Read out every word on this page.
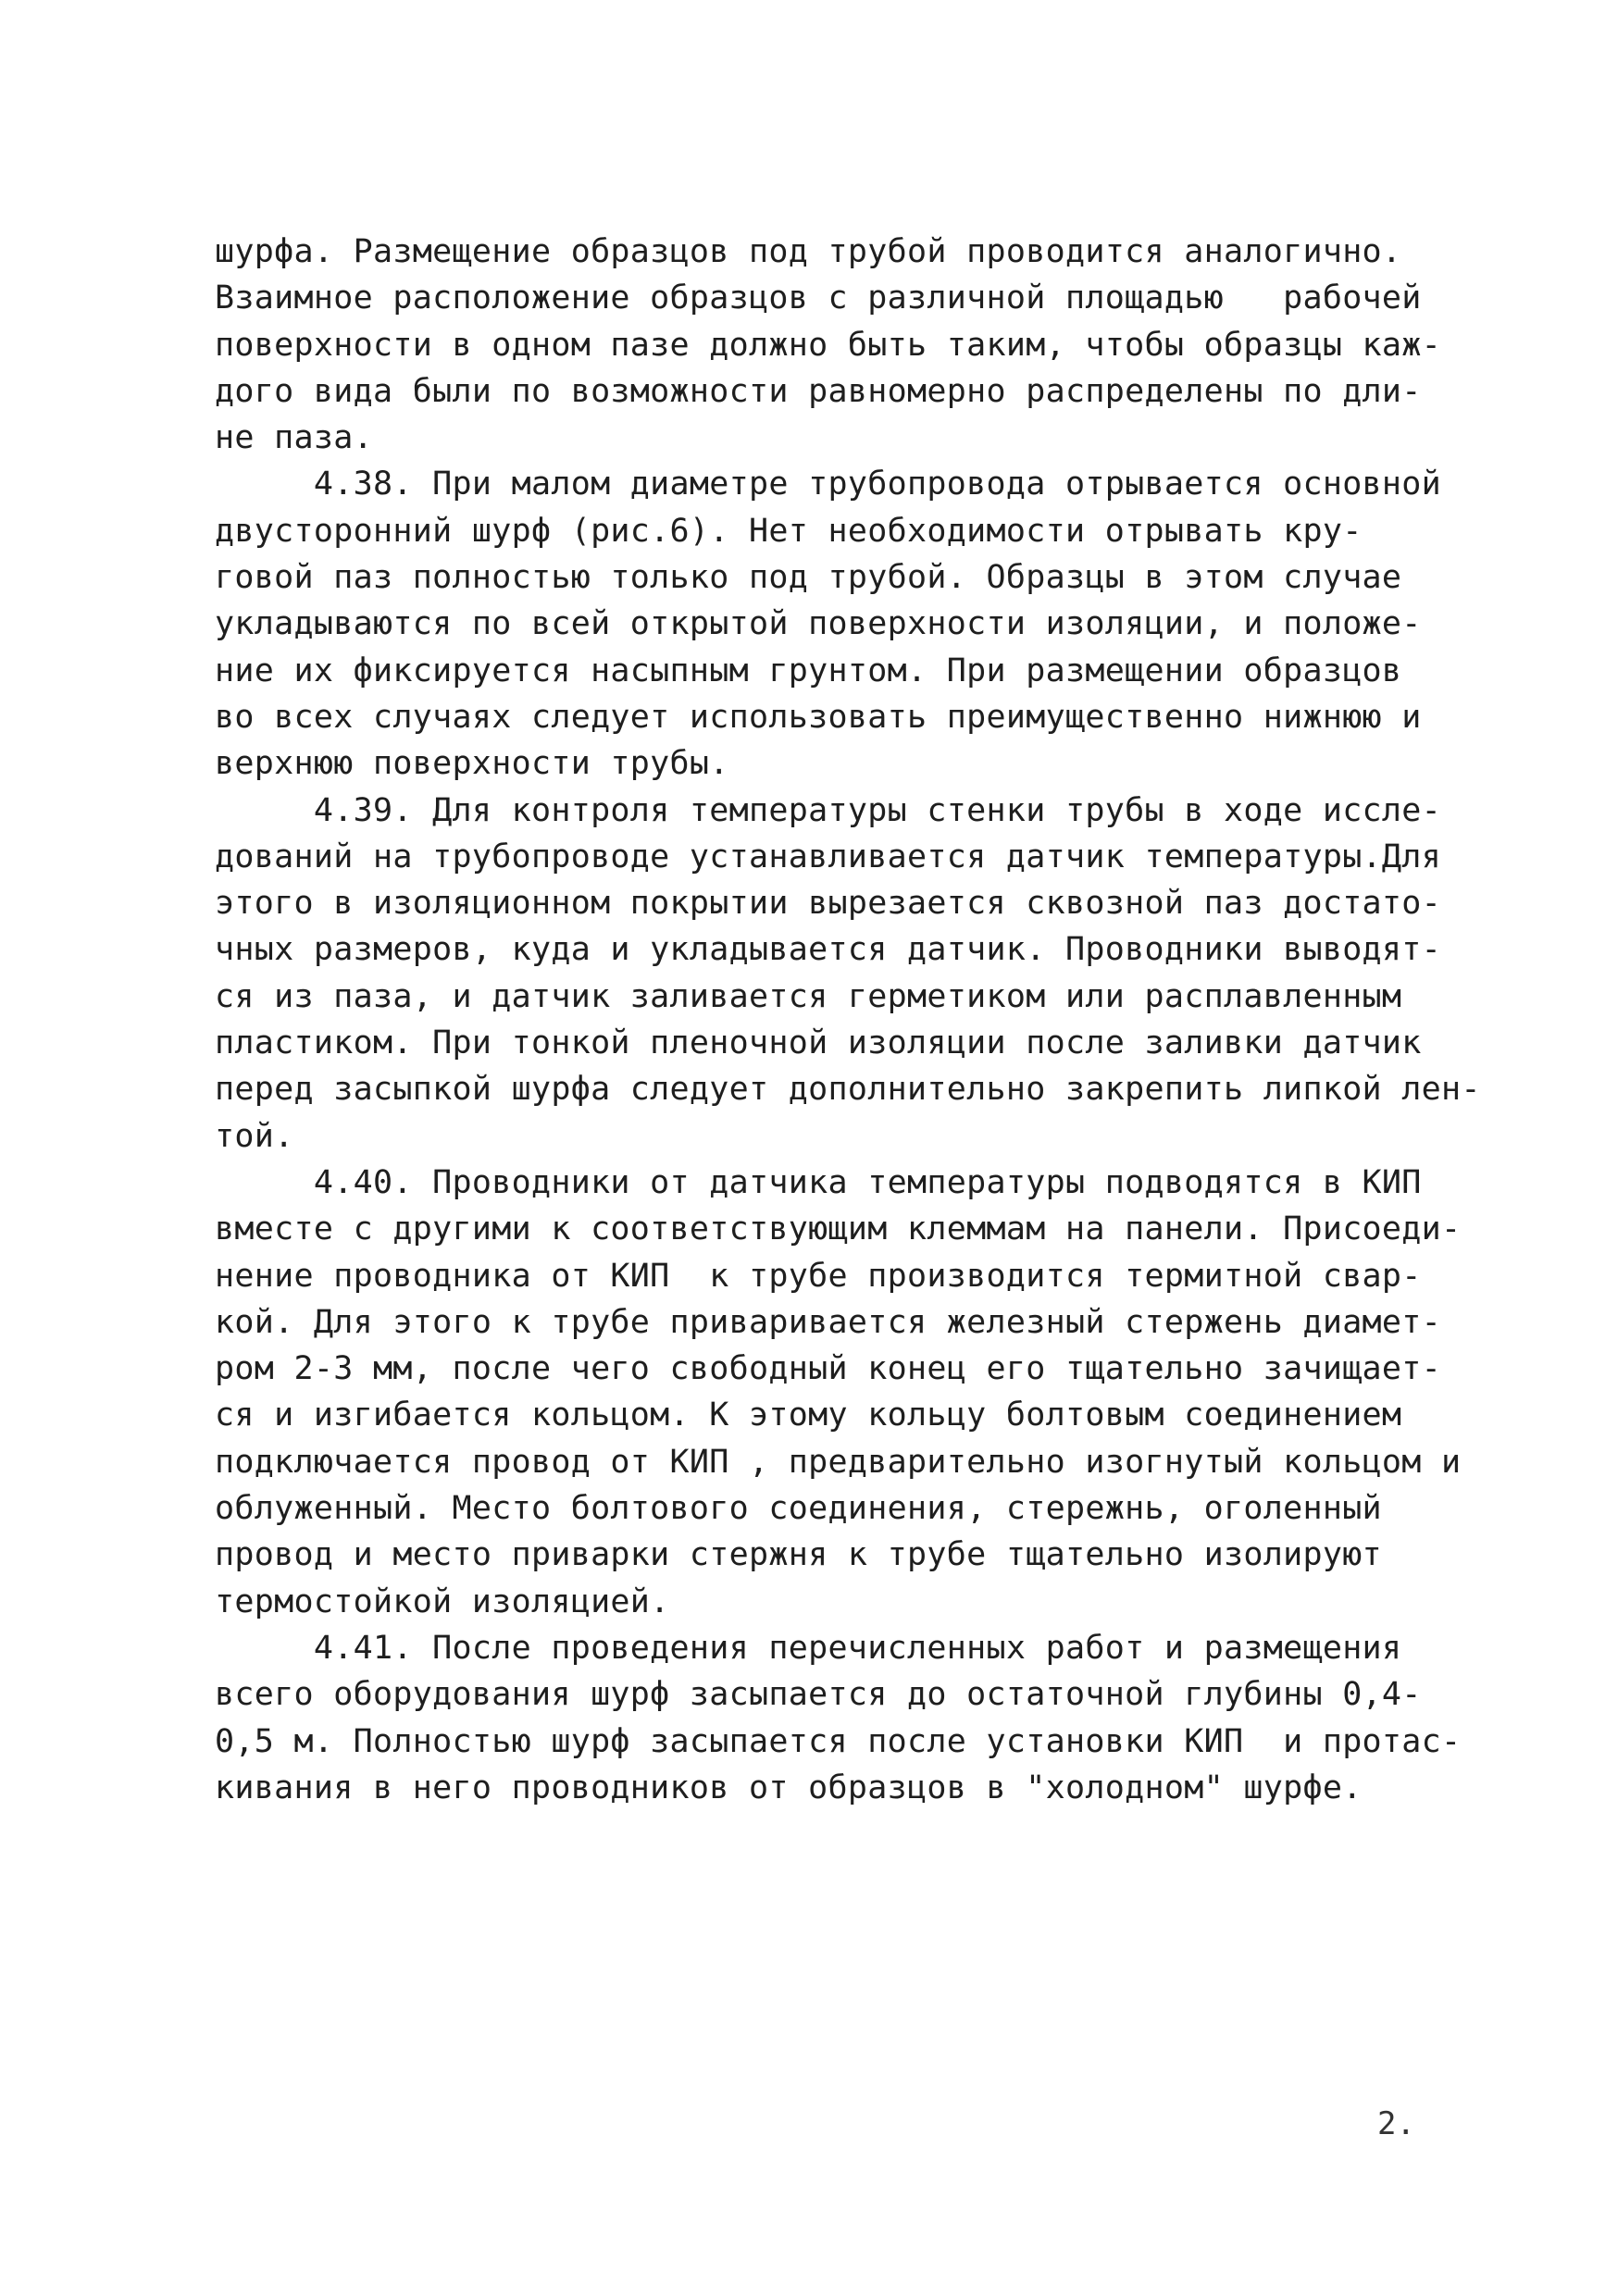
шурфа. Размещение образцов под трубой проводится аналогично.
Взаимное расположение образцов с различной площадью   рабочей
поверхности в одном пазе должно быть таким, чтобы образцы каж-
дого вида были по возможности равномерно распределены по дли-
не паза.
4.38. При малом диаметре трубопровода отрывается основной
двусторонний шурф (рис.6). Нет необходимости отрывать кру-
говой паз полностью только под трубой. Образцы в этом случае
укладываются по всей открытой поверхности изоляции, и положе-
ние их фиксируется насыпным грунтом. При размещении образцов
во всех случаях следует использовать преимущественно нижнюю и
верхнюю поверхности трубы.
4.39. Для контроля температуры стенки трубы в ходе иссле-
дований на трубопроводе устанавливается датчик температуры.Для
этого в изоляционном покрытии вырезается сквозной паз достато-
чных размеров, куда и укладывается датчик. Проводники выводят-
ся из паза, и датчик заливается герметиком или расплавленным
пластиком. При тонкой пленочной изоляции после заливки датчик
перед засыпкой шурфа следует дополнительно закрепить липкой лен-
той.
4.40. Проводники от датчика температуры подводятся в КИП
вместе с другими к соответствующим клеммам на панели. Присоеди-
нение проводника от КИП  к трубе производится термитной свар-
кой. Для этого к трубе приваривается железный стержень диамет-
ром 2-3 мм, после чего свободный конец его тщательно зачищает-
ся и изгибается кольцом. К этому кольцу болтовым соединением
подключается провод от КИП , предварительно изогнутый кольцом и
облуженный. Место болтового соединения, стережнь, оголенный
провод и место приварки стержня к трубе тщательно изолируют
термостойкой изоляцией.
4.41. После проведения перечисленных работ и размещения
всего оборудования шурф засыпается до остаточной глубины 0,4-
0,5 м. Полностью шурф засыпается после установки КИП  и протас-
кивания в него проводников от образцов в "холодном" шурфе.
2.
